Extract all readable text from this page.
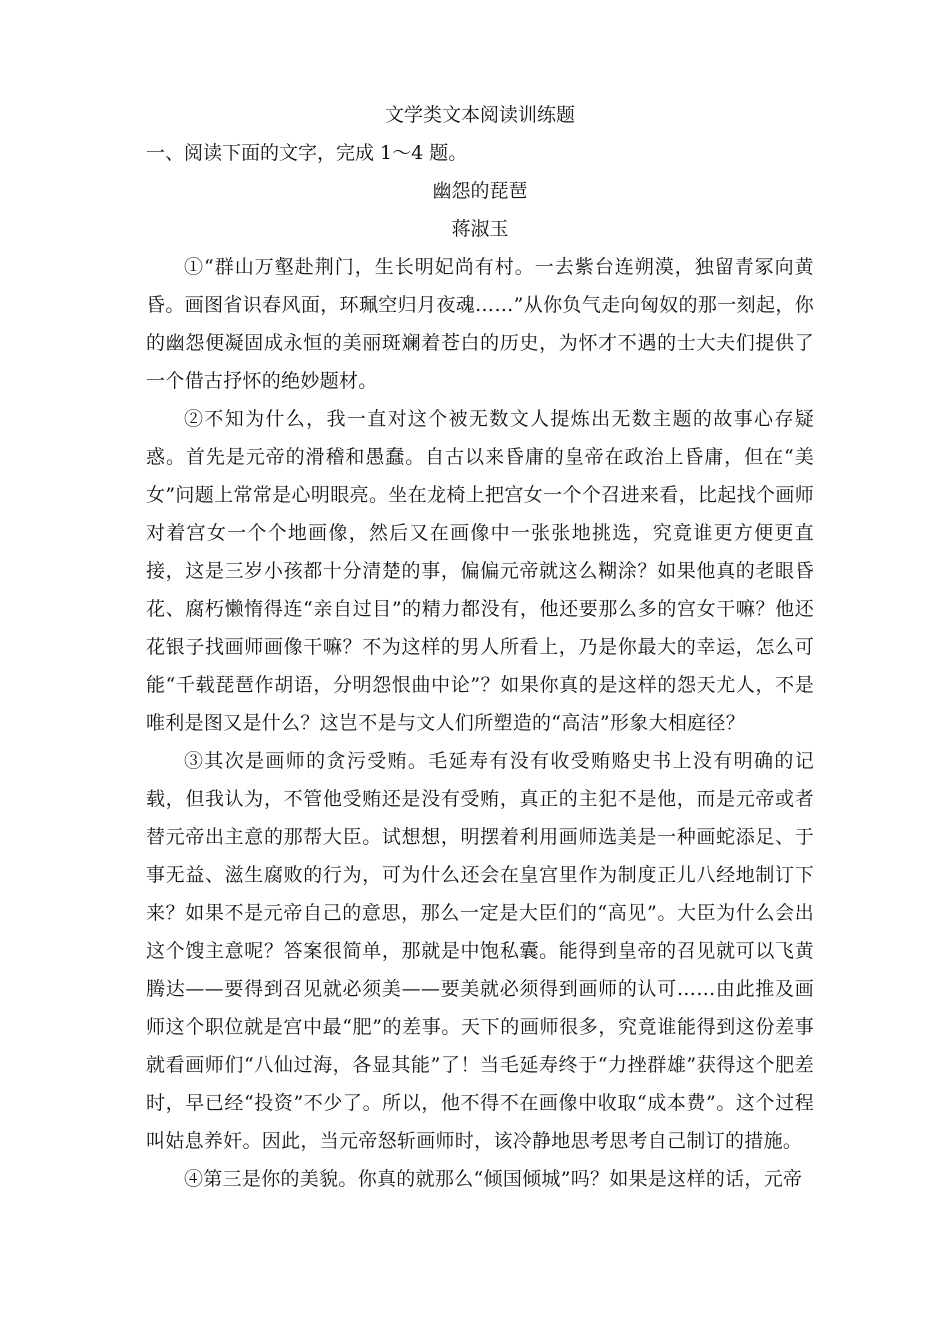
文学类文本阅读训练题

一、阅读下面的文字，完成 1～4 题。

幽怨的琵琶

蒋淑玉

①“群山万壑赴荆门，生长明妃尚有村。一去紫台连朔漠，独留青冢向黄昏。画图省识春风面，环珮空归月夜魂……”从你负气走向匈奴的那一刻起，你的幽怨便凝固成永恒的美丽斑斓着苍白的历史，为怀才不遇的士大夫们提供了一个借古抒怀的绝妙题材。

②不知为什么，我一直对这个被无数文人提炼出无数主题的故事心存疑惑。首先是元帝的滑稽和愚蠢。自古以来昏庸的皇帝在政治上昏庸，但在“美女”问题上常常是心明眼亮。坐在龙椅上把宫女一个个召进来看，比起找个画师对着宫女一个个地画像，然后又在画像中一张张地挑选，究竟谁更方便更直接，这是三岁小孩都十分清楚的事，偏偏元帝就这么糊涂？如果他真的老眼昏花、腐朽懒惰得连“亲自过目”的精力都没有，他还要那么多的宫女干嘛？他还花银子找画师画像干嘛？不为这样的男人所看上，乃是你最大的幸运，怎么可能“千载琵琶作胡语，分明怨恨曲中论”？如果你真的是这样的怨天尤人，不是唯利是图又是什么？这岂不是与文人们所塑造的“高洁”形象大相庭径？

③其次是画师的贪污受贿。毛延寿有没有收受贿赂史书上没有明确的记载，但我认为，不管他受贿还是没有受贿，真正的主犯不是他，而是元帝或者替元帝出主意的那帮大臣。试想想，明摆着利用画师选美是一种画蛇添足、于事无益、滋生腐败的行为，可为什么还会在皇宫里作为制度正儿八经地制订下来？如果不是元帝自己的意思，那么一定是大臣们的“高见”。大臣为什么会出这个馊主意呢？答案很简单，那就是中饱私囊。能得到皇帝的召见就可以飞黄腾达——要得到召见就必须美——要美就必须得到画师的认可……由此推及画师这个职位就是宫中最“肥”的差事。天下的画师很多，究竟谁能得到这份差事就看画师们“八仙过海，各显其能”了！当毛延寿终于“力挫群雄”获得这个肥差时，早已经“投资”不少了。所以，他不得不在画像中收取“成本费”。这个过程叫姑息养奸。因此，当元帝怒斩画师时，该冷静地思考思考自己制订的措施。

④第三是你的美貌。你真的就那么“倾国倾城”吗？如果是这样的话，元帝
